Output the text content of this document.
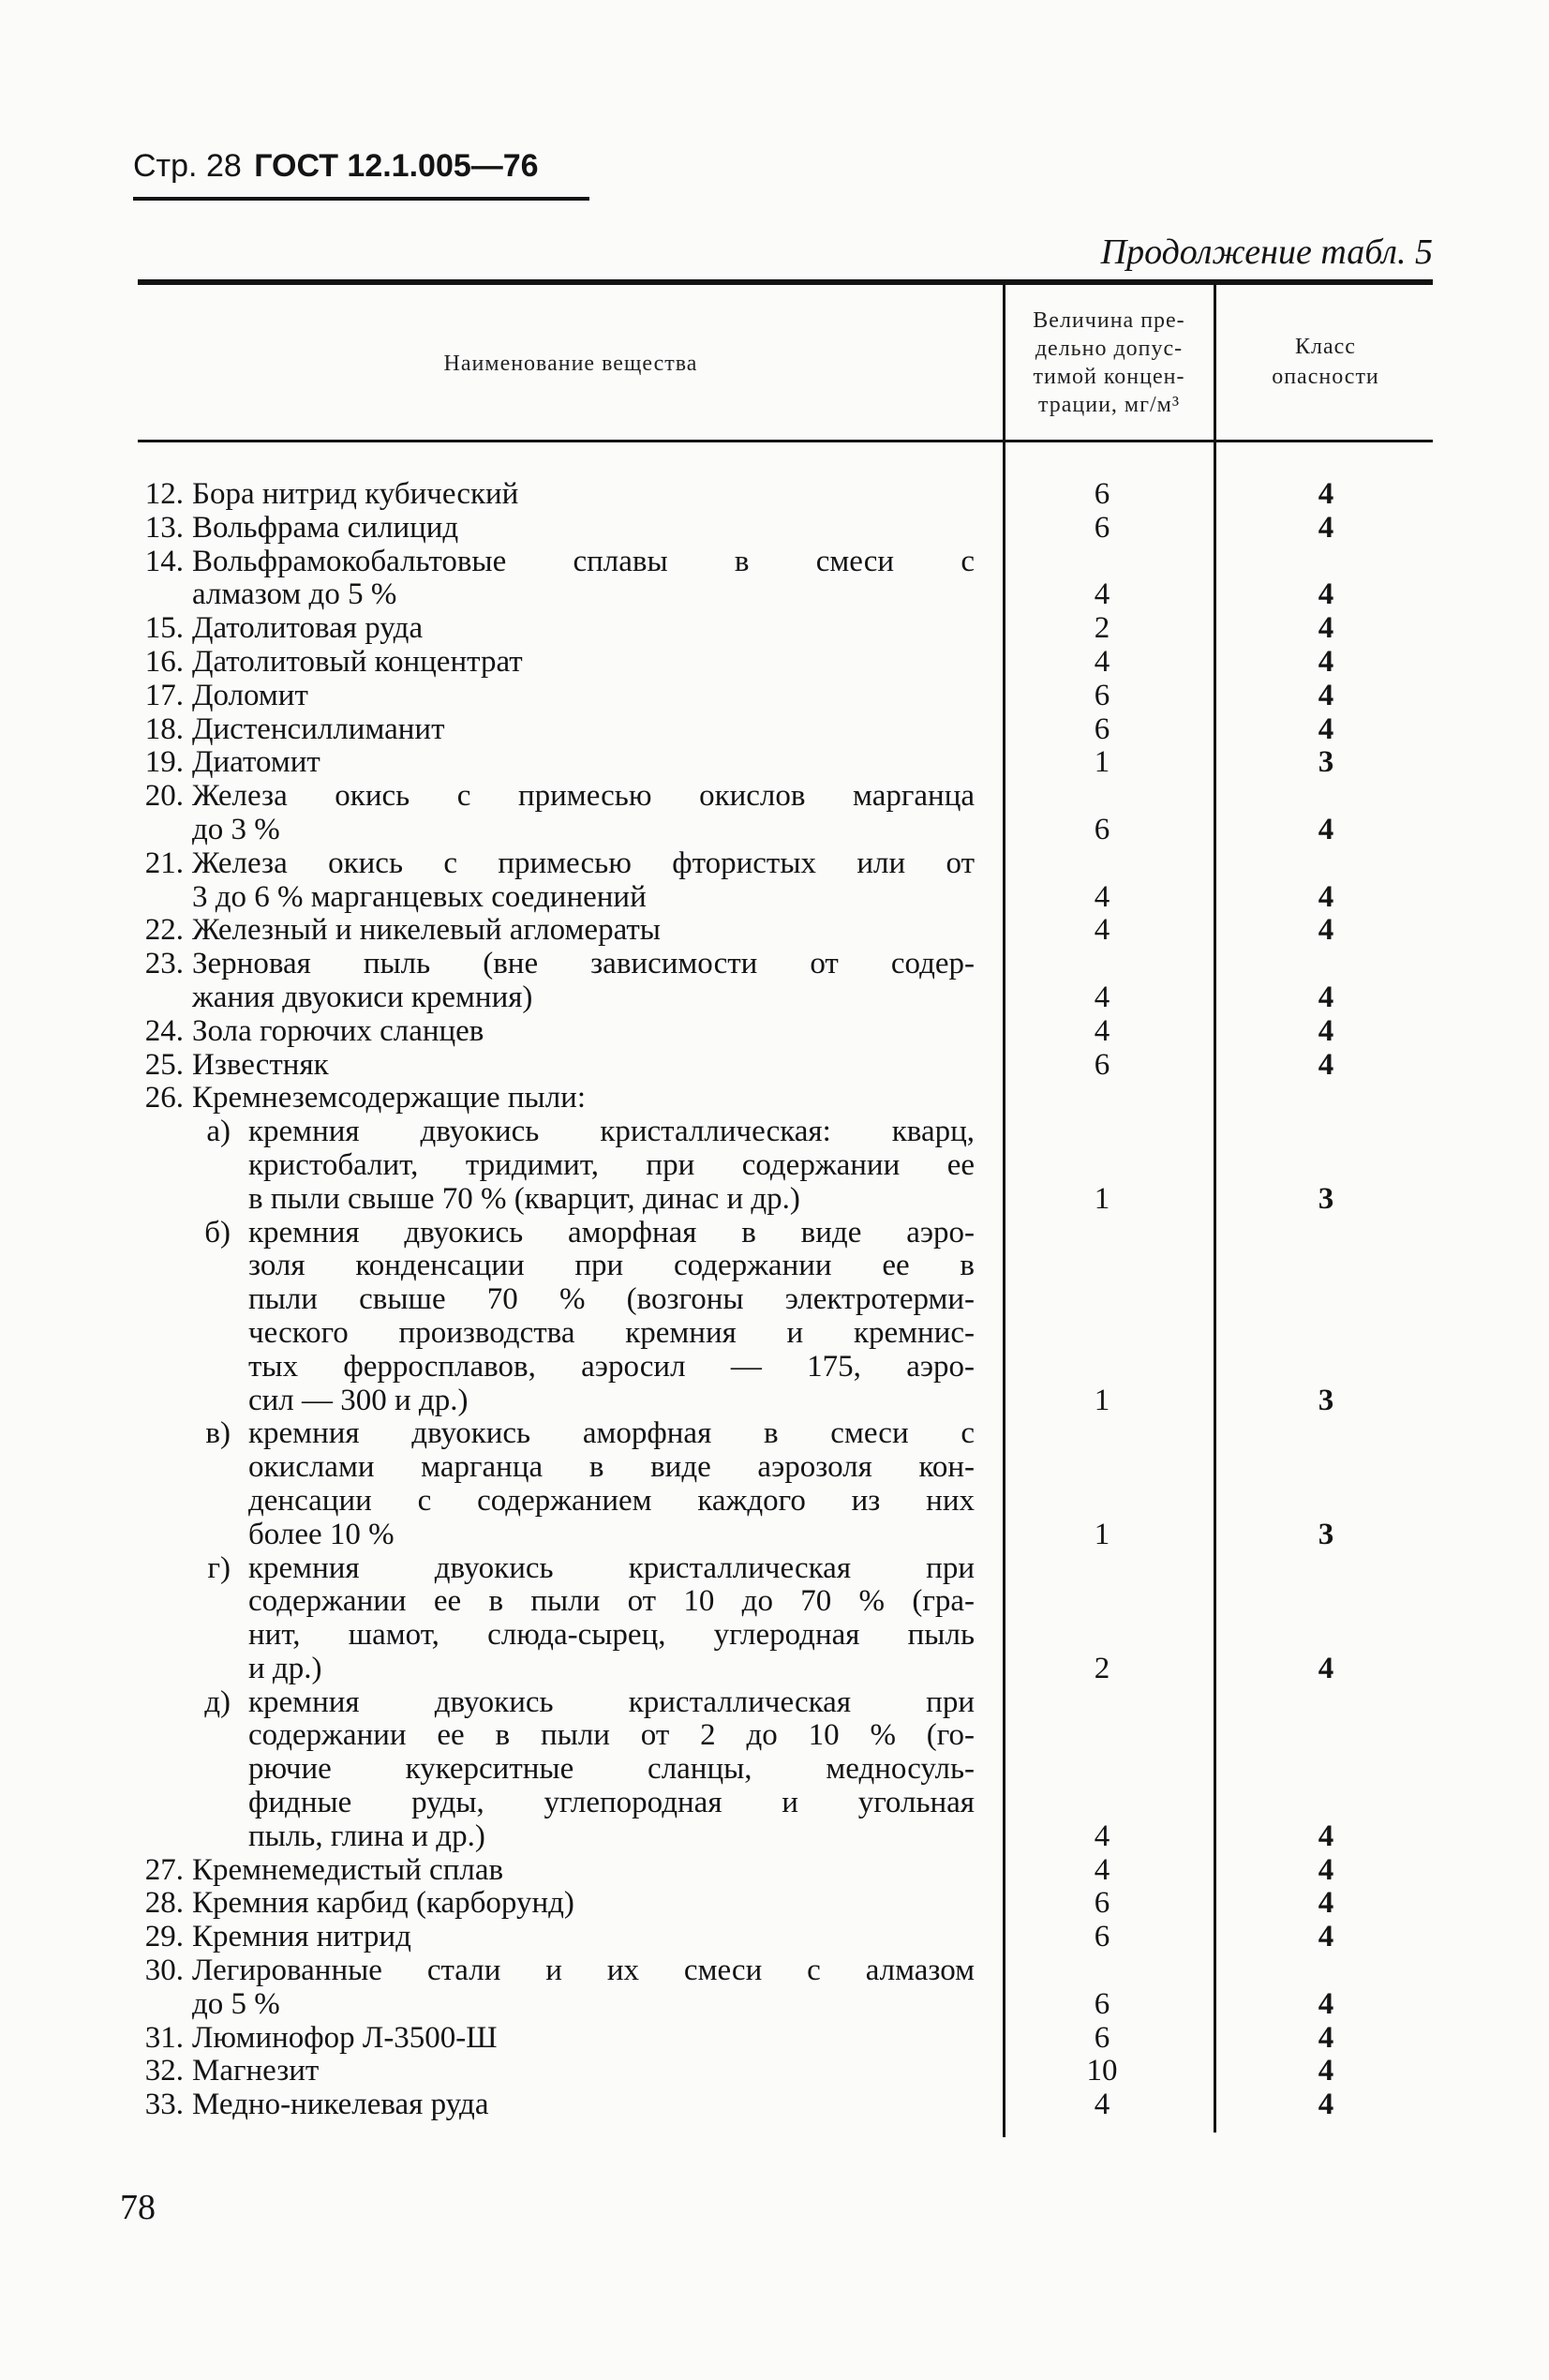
Стр. 28 ГОСТ 12.1.005—76
Продолжение табл. 5
Наименование вещества
Величина пре-
дельно допус-
тимой концен-
трации, мг/м³
Класс
опасности
12. Бора нитрид кубический	6	4
13. Вольфрама силицид	6	4
14. Вольфрамокобальтовые сплавы в смеси с
алмазом до 5 %	4	4
15. Датолитовая руда	2	4
16. Датолитовый концентрат	4	4
17. Доломит	6	4
18. Дистенсиллиманит	6	4
19. Диатомит	1	3
20. Железа окись с примесью окислов марганца
до 3 %	6	4
21. Железа окись с примесью фтористых или от
3 до 6 % марганцевых соединений	4	4
22. Железный и никелевый агломераты	4	4
23. Зерновая пыль (вне зависимости от содер-
жания двуокиси кремния)	4	4
24. Зола горючих сланцев	4	4
25. Известняк	6	4
26. Кремнеземсодержащие пыли:
а) кремния двуокись кристаллическая: кварц,
кристобалит, тридимит, при содержании ее
в пыли свыше 70 % (кварцит, динас и др.)	1	3
б) кремния двуокись аморфная в виде аэро-
золя конденсации при содержании ее в
пыли свыше 70 % (возгоны электротерми-
ческого производства кремния и кремнис-
тых ферросплавов, аэросил — 175, аэро-
сил — 300 и др.)	1	3
в) кремния двуокись аморфная в смеси с
окислами марганца в виде аэрозоля кон-
денсации с содержанием каждого из них
более 10 %	1	3
г) кремния двуокись кристаллическая при
содержании ее в пыли от 10 до 70 % (гра-
нит, шамот, слюда-сырец, углеродная пыль
и др.)	2	4
д) кремния двуокись кристаллическая при
содержании ее в пыли от 2 до 10 % (го-
рючие кукерситные сланцы, медносуль-
фидные руды, углепородная и угольная
пыль, глина и др.)	4	4
27. Кремнемедистый сплав	4	4
28. Кремния карбид (карборунд)	6	4
29. Кремния нитрид	6	4
30. Легированные стали и их смеси с алмазом
до 5 %	6	4
31. Люминофор Л-3500-Ш	6	4
32. Магнезит	10	4
33. Медно-никелевая руда	4	4
78
